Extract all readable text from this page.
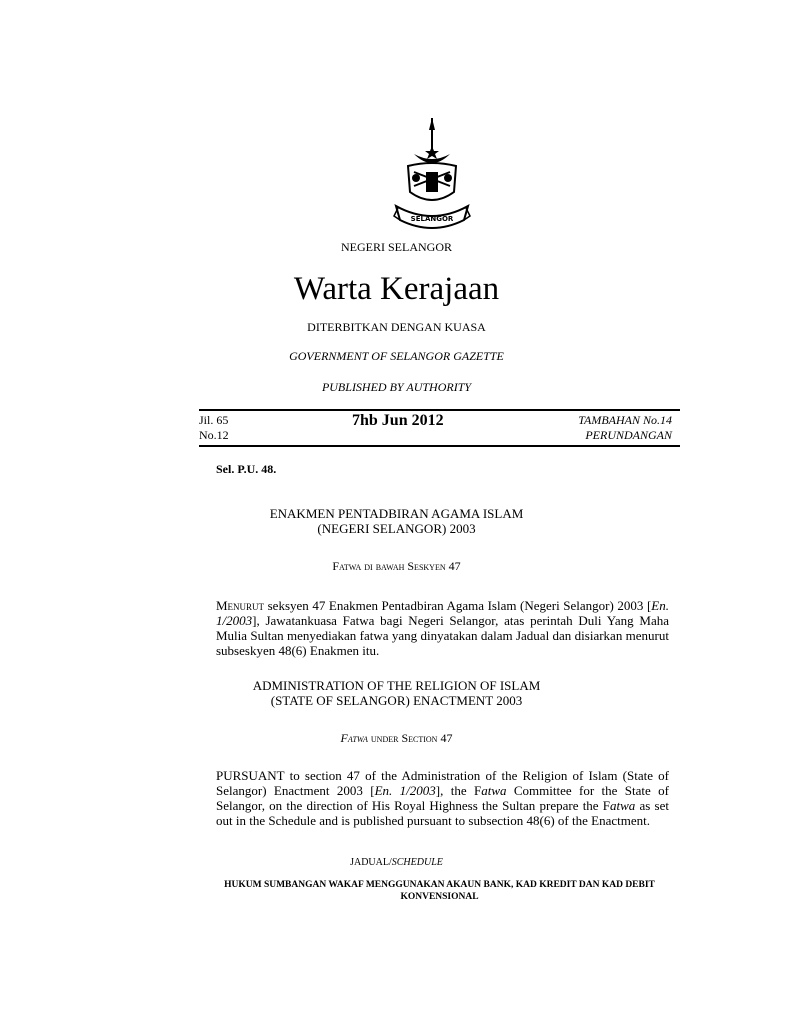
SELANGOR
NEGERI SELANGOR
Warta Kerajaan
DITERBITKAN DENGAN KUASA
GOVERNMENT OF SELANGOR GAZETTE
PUBLISHED BY AUTHORITY
Jil. 65
No.12
7hb Jun 2012	TAMBAHAN No.14
PERUNDANGAN
Sel. P.U. 48.
ENAKMEN PENTADBIRAN AGAMA ISLAM
(NEGERI SELANGOR) 2003
Fatwa di bawah Seskyen 47
Menurut seksyen 47 Enakmen Pentadbiran Agama Islam (Negeri Selangor) 2003 [En. 1/2003], Jawatankuasa Fatwa bagi Negeri Selangor, atas perintah Duli Yang Maha Mulia Sultan menyediakan fatwa yang dinyatakan dalam Jadual dan disiarkan menurut subseskyen 48(6) Enakmen itu.
ADMINISTRATION OF THE RELIGION OF ISLAM
(STATE OF SELANGOR) ENACTMENT 2003
Fatwa under Section 47
PURSUANT to section 47 of the Administration of the Religion of Islam (State of Selangor) Enactment 2003 [En. 1/2003], the Fatwa Committee for the State of Selangor, on the direction of His Royal Highness the Sultan prepare the Fatwa as set out in the Schedule and is published pursuant to subsection 48(6) of the Enactment.
JADUAL/SCHEDULE
HUKUM SUMBANGAN WAKAF MENGGUNAKAN AKAUN BANK, KAD KREDIT DAN KAD DEBIT KONVENSIONAL
